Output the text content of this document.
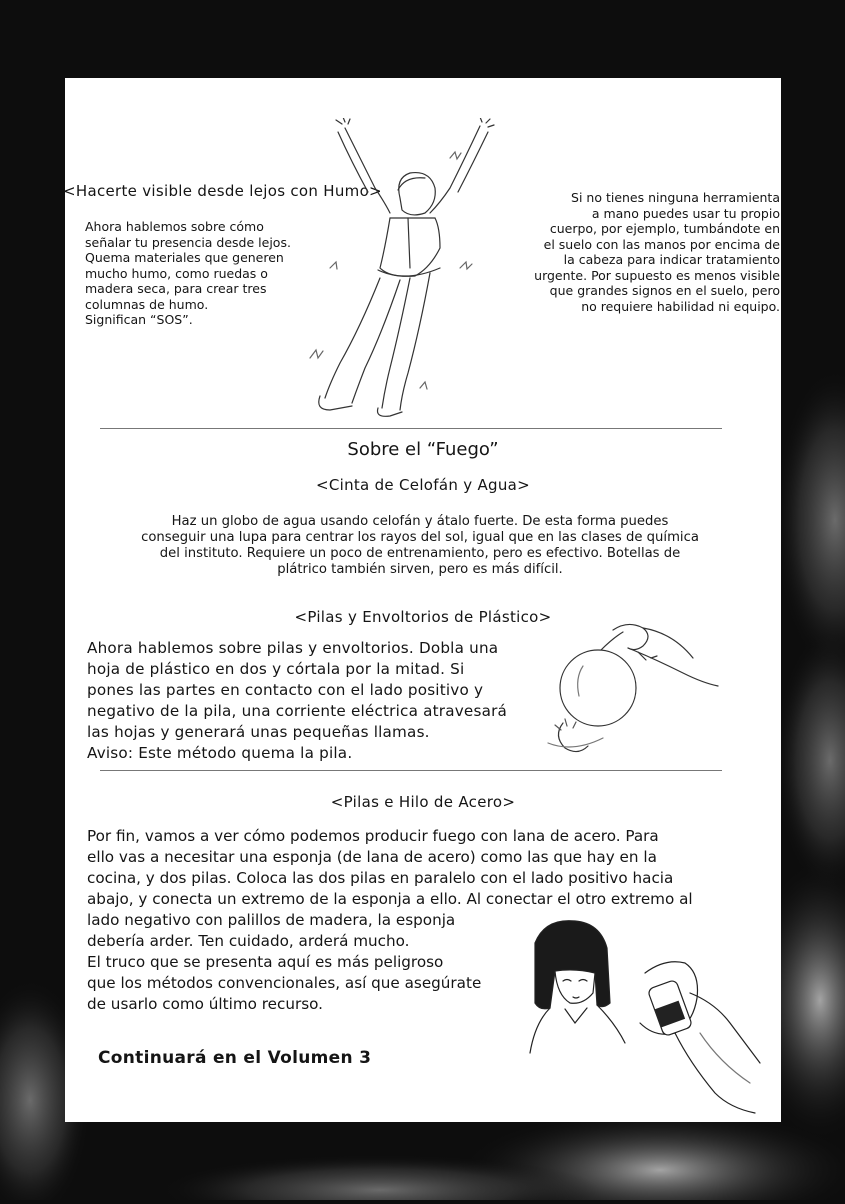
<Hacerte visible desde lejos con Humo>

Ahora hablemos sobre cómo
señalar tu presencia desde lejos.
Quema materiales que generen
mucho humo, como ruedas o
madera seca, para crear tres
columnas de humo.
Significan “SOS”.

Si no tienes ninguna herramienta
a mano puedes usar tu propio
cuerpo, por ejemplo, tumbándote en
el suelo con las manos por encima de
la cabeza para indicar tratamiento
urgente. Por supuesto es menos visible
que grandes signos en el suelo, pero
no requiere habilidad ni equipo.

Sobre el “Fuego”

<Cinta de Celofán y Agua>

Haz un globo de agua usando celofán y átalo fuerte. De esta forma puedes
conseguir una lupa para centrar los rayos del sol, igual que en las clases de química
del instituto. Requiere un poco de entrenamiento, pero es efectivo. Botellas de
plátrico también sirven, pero es más difícil.

<Pilas y Envoltorios de Plástico>

Ahora hablemos sobre pilas y envoltorios. Dobla una
hoja de plástico en dos y córtala por la mitad. Si
pones las partes en contacto con el lado positivo y
negativo de la pila, una corriente eléctrica atravesará
las hojas y generará unas pequeñas llamas.
Aviso: Este método quema la pila.

<Pilas e Hilo de Acero>

Por fin, vamos a ver cómo podemos producir fuego con lana de acero. Para
ello vas a necesitar una esponja (de lana de acero) como las que hay en la
cocina, y dos pilas. Coloca las dos pilas en paralelo con el lado positivo hacia
abajo, y conecta un extremo de la esponja a ello. Al conectar el otro extremo al

lado negativo con palillos de madera, la esponja
debería arder. Ten cuidado, arderá mucho.
El truco que se presenta aquí es más peligroso
que los métodos convencionales, así que asegúrate
de usarlo como último recurso.

Continuará en el Volumen 3
